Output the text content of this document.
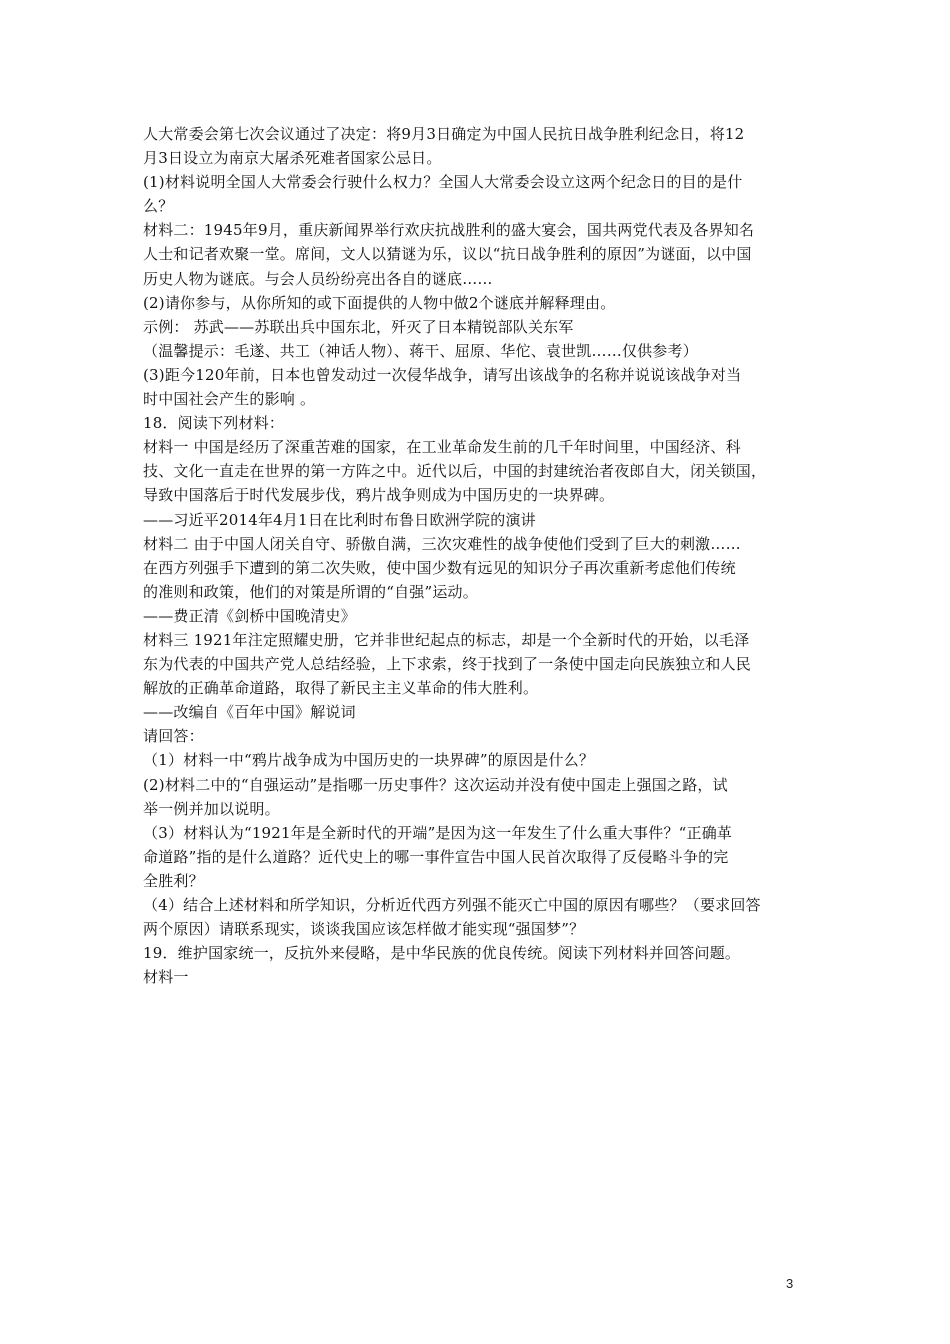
人大常委会第七次会议通过了决定：将9月3日确定为中国人民抗日战争胜利纪念日，将12
月3日设立为南京大屠杀死难者国家公忌日。
(1)材料说明全国人大常委会行驶什么权力？全国人大常委会设立这两个纪念日的目的是什
么？
材料二：1945年9月，重庆新闻界举行欢庆抗战胜利的盛大宴会，国共两党代表及各界知名
人士和记者欢聚一堂。席间，文人以猜谜为乐，议以“抗日战争胜利的原因”为谜面，以中国
历史人物为谜底。与会人员纷纷亮出各自的谜底……
(2)请你参与，从你所知的或下面提供的人物中做2个谜底并解释理由。
示例： 苏武——苏联出兵中国东北，歼灭了日本精锐部队关东军
（温馨提示：毛遂、共工（神话人物）、蒋干、屈原、华佗、袁世凯……仅供参考）
(3)距今120年前，日本也曾发动过一次侵华战争，请写出该战争的名称并说说该战争对当
时中国社会产生的影响 。
18．阅读下列材料：
材料一 中国是经历了深重苦难的国家，在工业革命发生前的几千年时间里，中国经济、科
技、文化一直走在世界的第一方阵之中。近代以后，中国的封建统治者夜郎自大，闭关锁国，
导致中国落后于时代发展步伐，鸦片战争则成为中国历史的一块界碑。
——习近平2014年4月1日在比利时布鲁日欧洲学院的演讲
材料二 由于中国人闭关自守、骄傲自满，三次灾难性的战争使他们受到了巨大的刺激……
在西方列强手下遭到的第二次失败，使中国少数有远见的知识分子再次重新考虑他们传统
的准则和政策，他们的对策是所谓的“自强”运动。
——费正清《剑桥中国晚清史》
材料三 1921年注定照耀史册，它并非世纪起点的标志，却是一个全新时代的开始，以毛泽
东为代表的中国共产党人总结经验，上下求索，终于找到了一条使中国走向民族独立和人民
解放的正确革命道路，取得了新民主主义革命的伟大胜利。
——改编自《百年中国》解说词
请回答：
（1）材料一中“鸦片战争成为中国历史的一块界碑”的原因是什么？
(2)材料二中的“自强运动”是指哪一历史事件？这次运动并没有使中国走上强国之路，试
举一例并加以说明。
（3）材料认为“1921年是全新时代的开端”是因为这一年发生了什么重大事件？“正确革
命道路”指的是什么道路？近代史上的哪一事件宣告中国人民首次取得了反侵略斗争的完
全胜利？
（4）结合上述材料和所学知识，分析近代西方列强不能灭亡中国的原因有哪些？（要求回答
两个原因）请联系现实，谈谈我国应该怎样做才能实现“强国梦”？
19．维护国家统一，反抗外来侵略，是中华民族的优良传统。阅读下列材料并回答问题。
材料一
3
